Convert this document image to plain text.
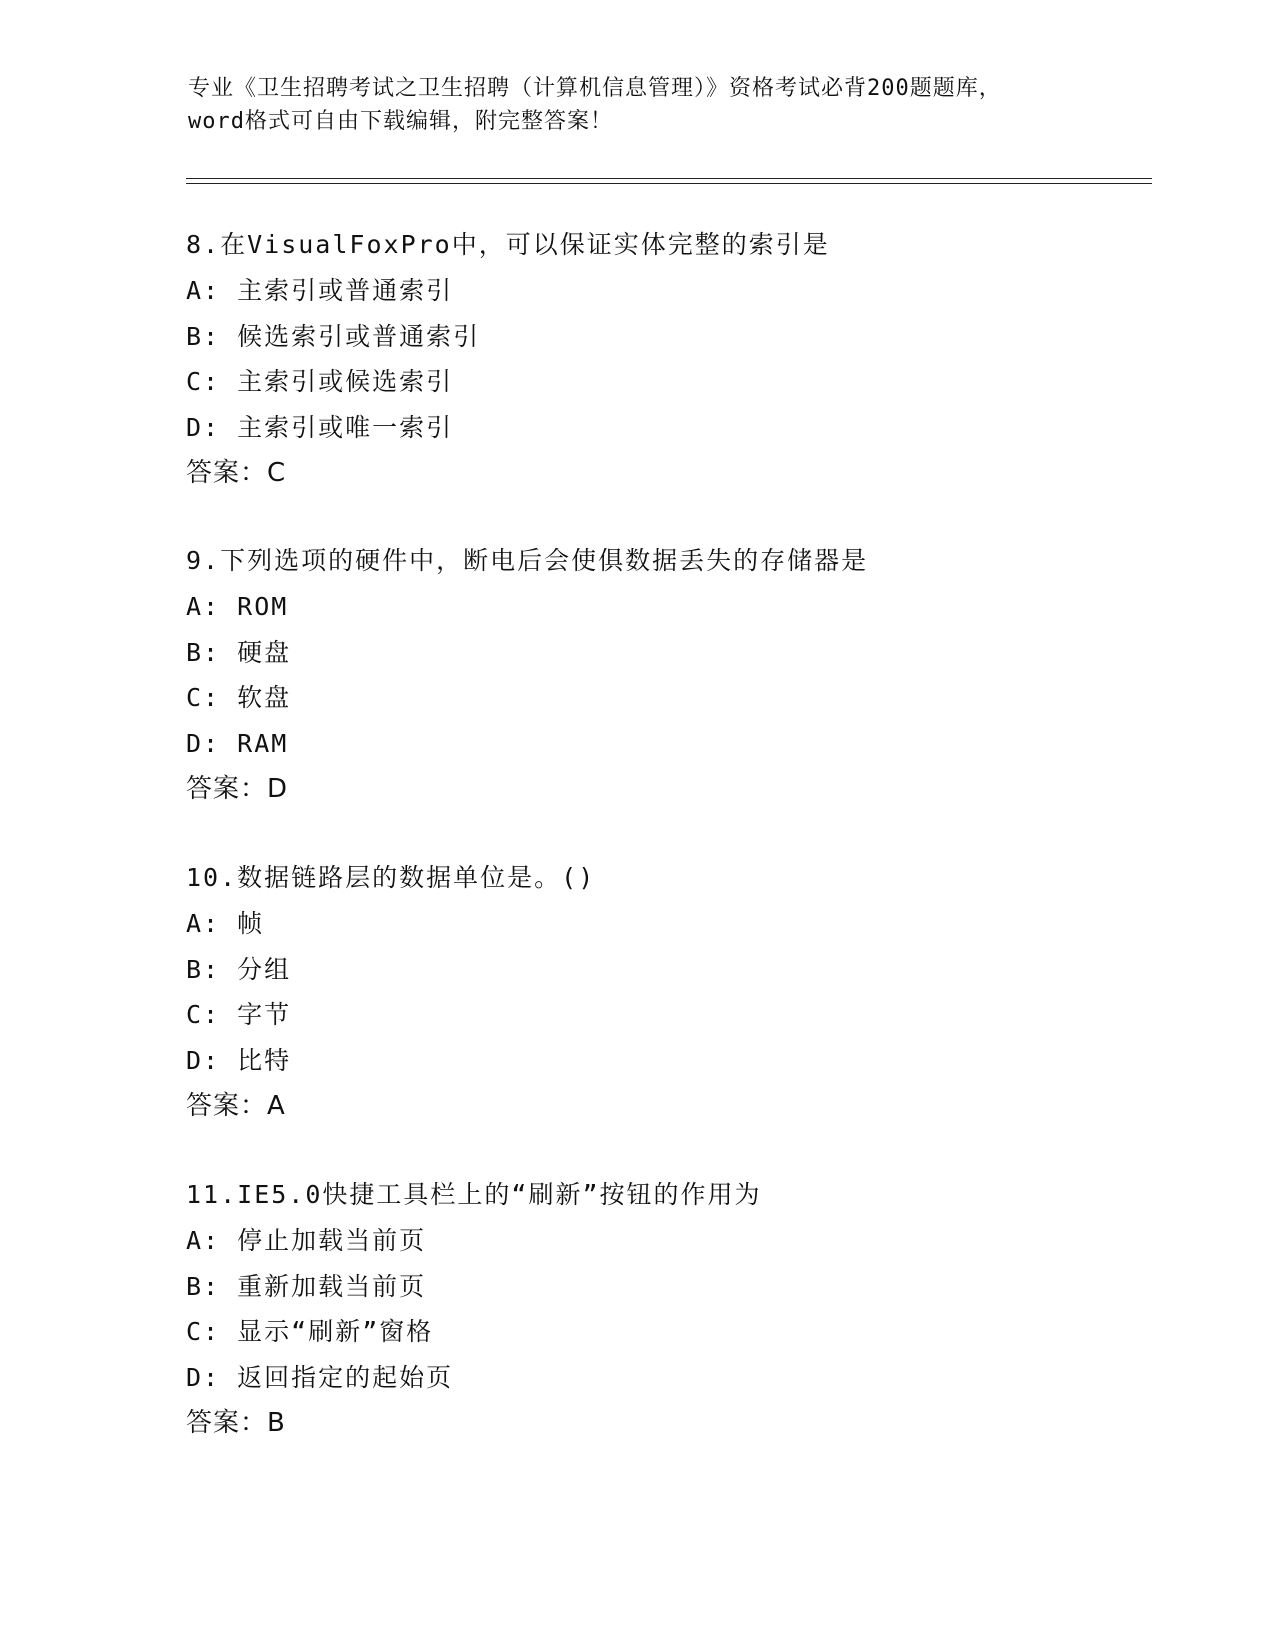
专业《卫生招聘考试之卫生招聘（计算机信息管理）》资格考试必背200题题库，
word格式可自由下载编辑，附完整答案！
8.在VisualFoxPro中，可以保证实体完整的索引是
A: 主索引或普通索引
B: 候选索引或普通索引
C: 主索引或候选索引
D: 主索引或唯一索引
答案：C
9.下列选项的硬件中，断电后会使俱数据丢失的存储器是
A: ROM
B: 硬盘
C: 软盘
D: RAM
答案：D
10.数据链路层的数据单位是。()
A: 帧
B: 分组
C: 字节
D: 比特
答案：A
11.IE5.0快捷工具栏上的“刷新”按钮的作用为
A: 停止加载当前页
B: 重新加载当前页
C: 显示“刷新”窗格
D: 返回指定的起始页
答案：B
